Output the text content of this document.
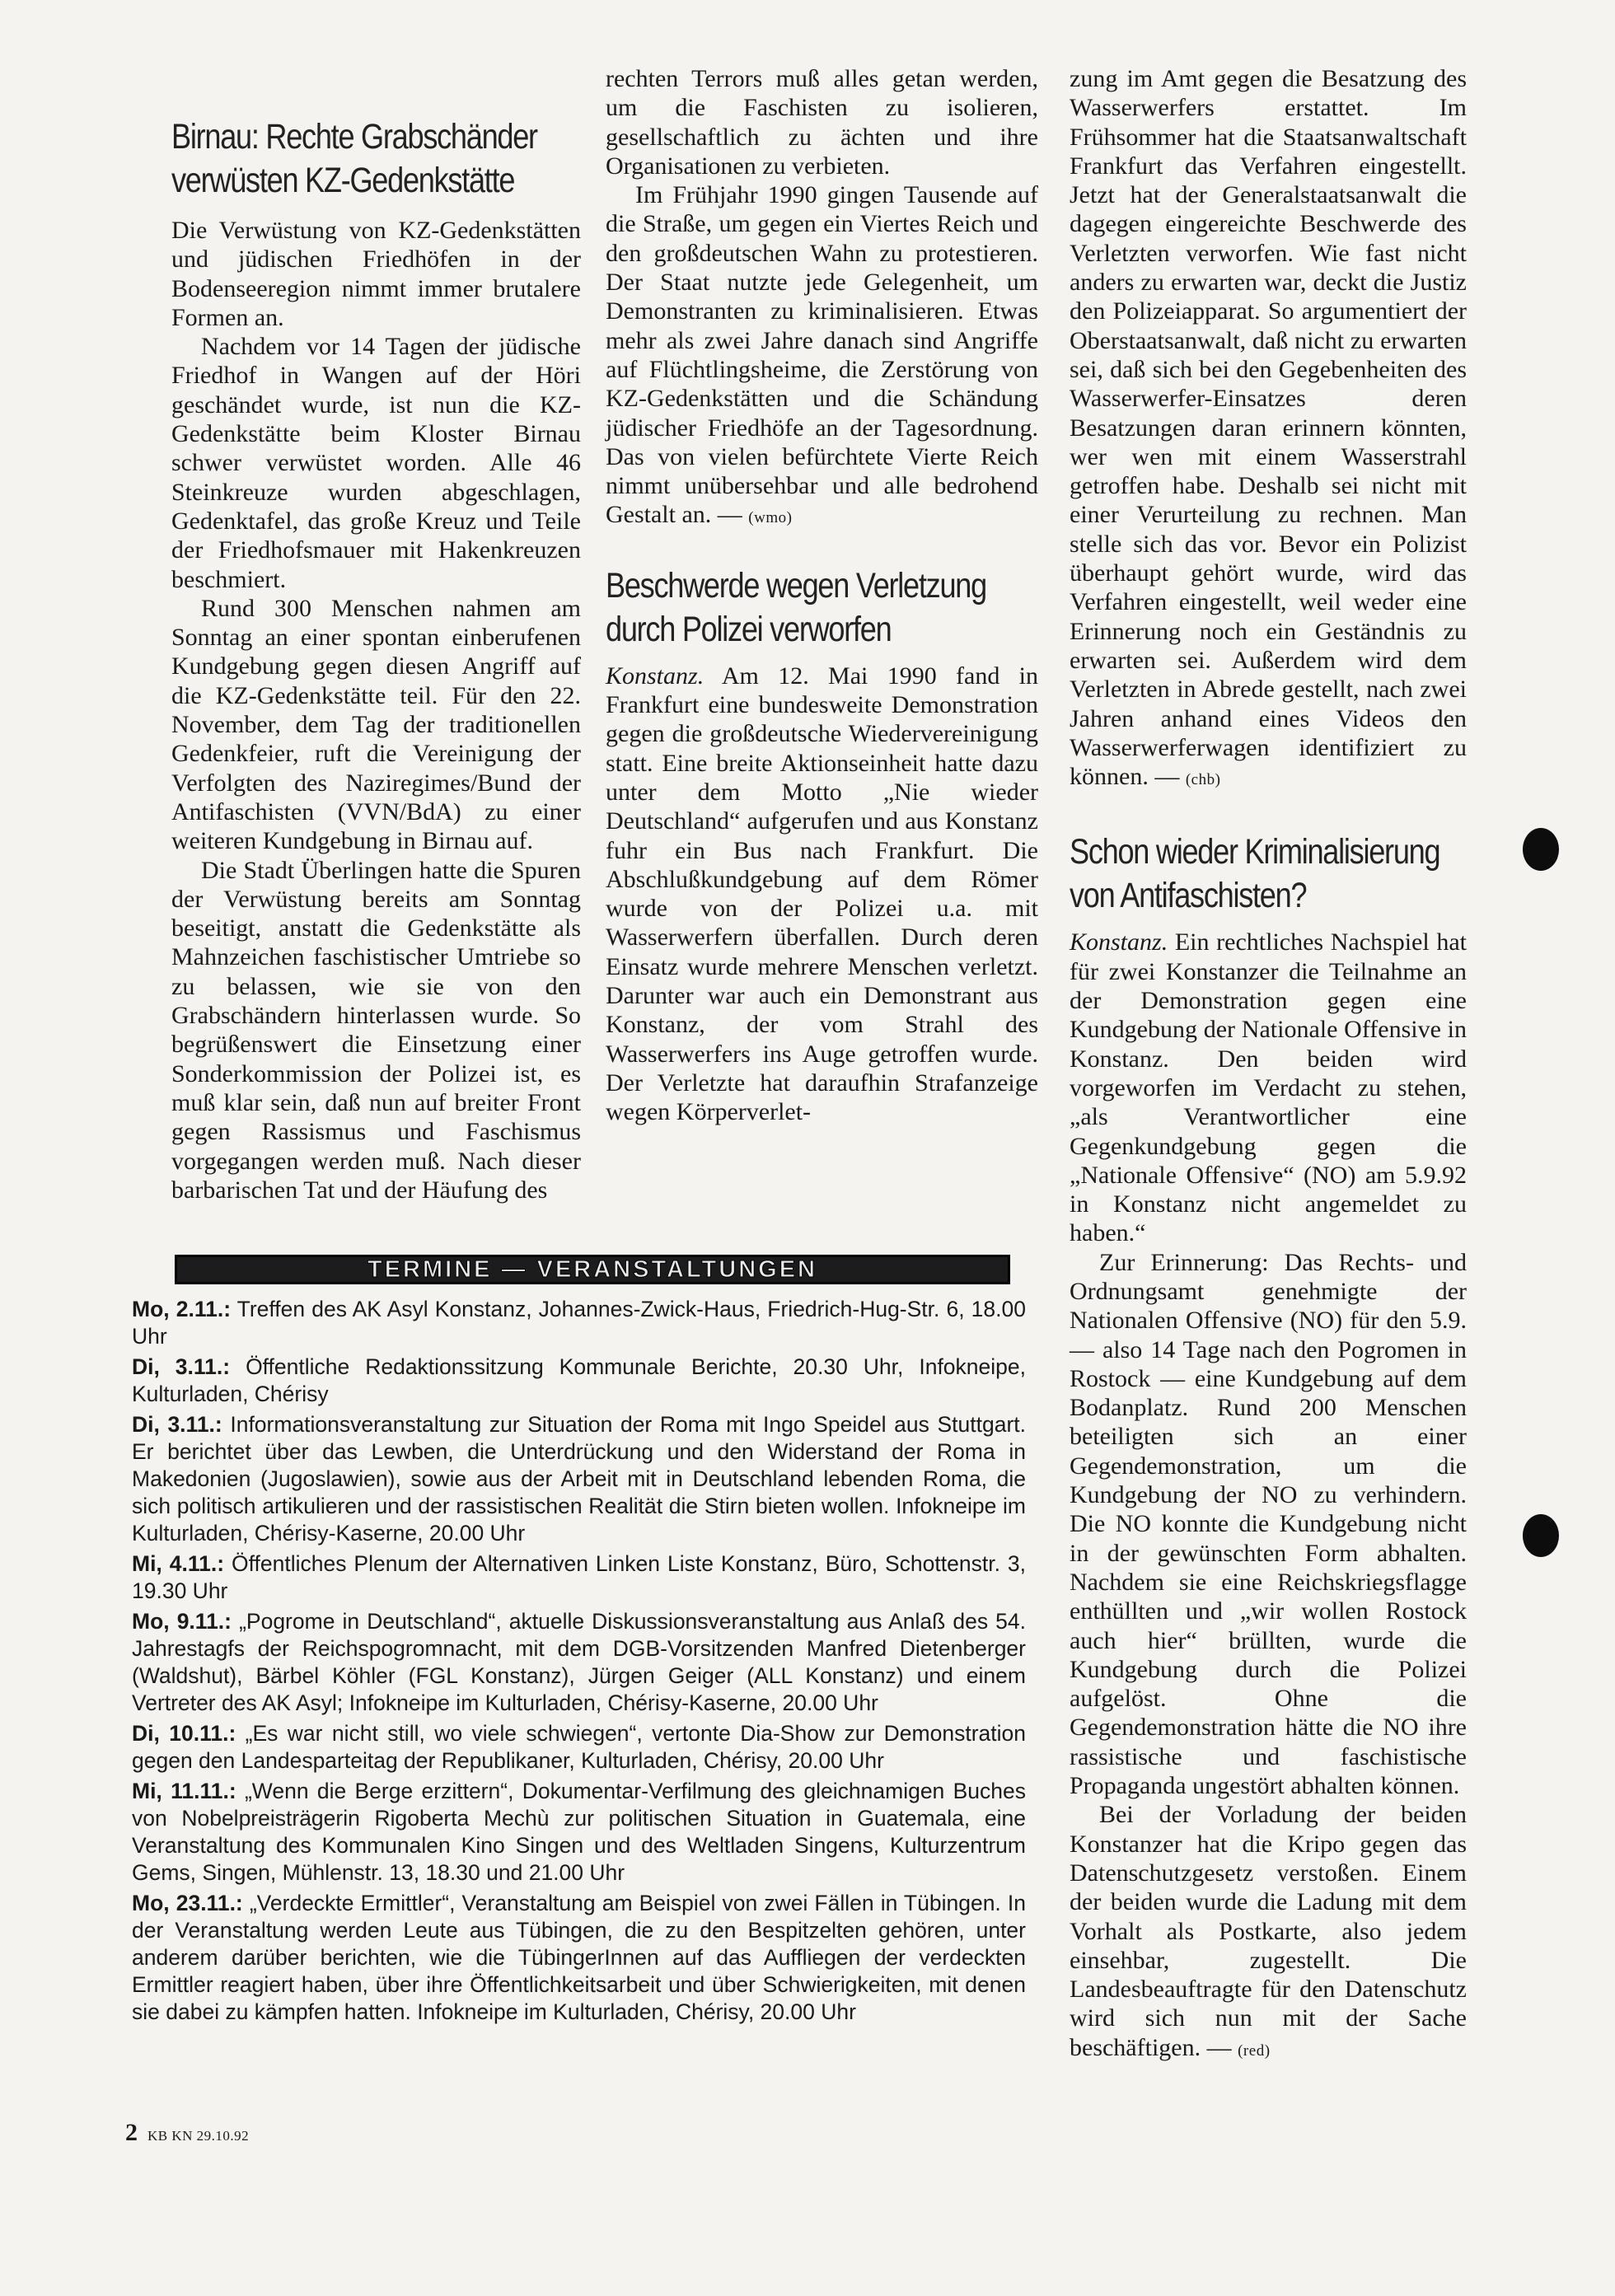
Birnau: Rechte Grabschänder verwüsten KZ-Gedenkstätte

Die Verwüstung von KZ-Gedenkstätten und jüdischen Friedhöfen in der Bodenseeregion nimmt immer brutalere Formen an.

Nachdem vor 14 Tagen der jüdische Friedhof in Wangen auf der Höri geschändet wurde, ist nun die KZ-Gedenkstätte beim Kloster Birnau schwer verwüstet worden. Alle 46 Steinkreuze wurden abgeschlagen, Gedenktafel, das große Kreuz und Teile der Friedhofsmauer mit Hakenkreuzen beschmiert.

Rund 300 Menschen nahmen am Sonntag an einer spontan einberufenen Kundgebung gegen diesen Angriff auf die KZ-Gedenkstätte teil. Für den 22. November, dem Tag der traditionellen Gedenkfeier, ruft die Vereinigung der Verfolgten des Naziregimes/Bund der Antifaschisten (VVN/BdA) zu einer weiteren Kundgebung in Birnau auf.

Die Stadt Überlingen hatte die Spuren der Verwüstung bereits am Sonntag beseitigt, anstatt die Gedenkstätte als Mahnzeichen faschistischer Umtriebe so zu belassen, wie sie von den Grabschändern hinterlassen wurde. So begrüßenswert die Einsetzung einer Sonderkommission der Polizei ist, es muß klar sein, daß nun auf breiter Front gegen Rassismus und Faschismus vorgegangen werden muß. Nach dieser barbarischen Tat und der Häufung des

rechten Terrors muß alles getan werden, um die Faschisten zu isolieren, gesellschaftlich zu ächten und ihre Organisationen zu verbieten.

Im Frühjahr 1990 gingen Tausende auf die Straße, um gegen ein Viertes Reich und den großdeutschen Wahn zu protestieren. Der Staat nutzte jede Gelegenheit, um Demonstranten zu kriminalisieren. Etwas mehr als zwei Jahre danach sind Angriffe auf Flüchtlingsheime, die Zerstörung von KZ-Gedenkstätten und die Schändung jüdischer Friedhöfe an der Tagesordnung. Das von vielen befürchtete Vierte Reich nimmt unübersehbar und alle bedrohend Gestalt an. — (wmo)

Beschwerde wegen Verletzung durch Polizei verworfen

Konstanz. Am 12. Mai 1990 fand in Frankfurt eine bundesweite Demonstration gegen die großdeutsche Wiedervereinigung statt. Eine breite Aktionseinheit hatte dazu unter dem Motto „Nie wieder Deutschland“ aufgerufen und aus Konstanz fuhr ein Bus nach Frankfurt. Die Abschlußkundgebung auf dem Römer wurde von der Polizei u.a. mit Wasserwerfern überfallen. Durch deren Einsatz wurde mehrere Menschen verletzt. Darunter war auch ein Demonstrant aus Konstanz, der vom Strahl des Wasserwerfers ins Auge getroffen wurde. Der Verletzte hat daraufhin Strafanzeige wegen Körperverlet-

zung im Amt gegen die Besatzung des Wasserwerfers erstattet. Im Frühsommer hat die Staatsanwaltschaft Frankfurt das Verfahren eingestellt. Jetzt hat der Generalstaatsanwalt die dagegen eingereichte Beschwerde des Verletzten verworfen. Wie fast nicht anders zu erwarten war, deckt die Justiz den Polizeiapparat. So argumentiert der Oberstaatsanwalt, daß nicht zu erwarten sei, daß sich bei den Gegebenheiten des Wasserwerfer-Einsatzes deren Besatzungen daran erinnern könnten, wer wen mit einem Wasserstrahl getroffen habe. Deshalb sei nicht mit einer Verurteilung zu rechnen. Man stelle sich das vor. Bevor ein Polizist überhaupt gehört wurde, wird das Verfahren eingestellt, weil weder eine Erinnerung noch ein Geständnis zu erwarten sei. Außerdem wird dem Verletzten in Abrede gestellt, nach zwei Jahren anhand eines Videos den Wasserwerferwagen identifiziert zu können. — (chb)

Schon wieder Kriminalisierung von Antifaschisten?

Konstanz. Ein rechtliches Nachspiel hat für zwei Konstanzer die Teilnahme an der Demonstration gegen eine Kundgebung der Nationale Offensive in Konstanz. Den beiden wird vorgeworfen im Verdacht zu stehen, „als Verantwortlicher eine Gegenkundgebung gegen die „Nationale Offensive“ (NO) am 5.9.92 in Konstanz nicht angemeldet zu haben.“

Zur Erinnerung: Das Rechts- und Ordnungsamt genehmigte der Nationalen Offensive (NO) für den 5.9. — also 14 Tage nach den Pogromen in Rostock — eine Kundgebung auf dem Bodanplatz. Rund 200 Menschen beteiligten sich an einer Gegendemonstration, um die Kundgebung der NO zu verhindern. Die NO konnte die Kundgebung nicht in der gewünschten Form abhalten. Nachdem sie eine Reichskriegsflagge enthüllten und „wir wollen Rostock auch hier“ brüllten, wurde die Kundgebung durch die Polizei aufgelöst. Ohne die Gegendemonstration hätte die NO ihre rassistische und faschistische Propaganda ungestört abhalten können.

Bei der Vorladung der beiden Konstanzer hat die Kripo gegen das Datenschutzgesetz verstoßen. Einem der beiden wurde die Ladung mit dem Vorhalt als Postkarte, also jedem einsehbar, zugestellt. Die Landesbeauftragte für den Datenschutz wird sich nun mit der Sache beschäftigen. — (red)

TERMINE — VERANSTALTUNGEN

Mo, 2.11.: Treffen des AK Asyl Konstanz, Johannes-Zwick-Haus, Friedrich-Hug-Str. 6, 18.00 Uhr

Di, 3.11.: Öffentliche Redaktionssitzung Kommunale Berichte, 20.30 Uhr, Infokneipe, Kulturladen, Chérisy

Di, 3.11.: Informationsveranstaltung zur Situation der Roma mit Ingo Speidel aus Stuttgart. Er berichtet über das Lewben, die Unterdrückung und den Widerstand der Roma in Makedonien (Jugoslawien), sowie aus der Arbeit mit in Deutschland lebenden Roma, die sich politisch artikulieren und der rassistischen Realität die Stirn bieten wollen. Infokneipe im Kulturladen, Chérisy-Kaserne, 20.00 Uhr

Mi, 4.11.: Öffentliches Plenum der Alternativen Linken Liste Konstanz, Büro, Schottenstr. 3, 19.30 Uhr

Mo, 9.11.: „Pogrome in Deutschland“, aktuelle Diskussionsveranstaltung aus Anlaß des 54. Jahrestagfs der Reichspogromnacht, mit dem DGB-Vorsitzenden Manfred Dietenberger (Waldshut), Bärbel Köhler (FGL Konstanz), Jürgen Geiger (ALL Konstanz) und einem Vertreter des AK Asyl; Infokneipe im Kulturladen, Chérisy-Kaserne, 20.00 Uhr

Di, 10.11.: „Es war nicht still, wo viele schwiegen“, vertonte Dia-Show zur Demonstration gegen den Landesparteitag der Republikaner, Kulturladen, Chérisy, 20.00 Uhr

Mi, 11.11.: „Wenn die Berge erzittern“, Dokumentar-Verfilmung des gleichnamigen Buches von Nobelpreisträgerin Rigoberta Mechù zur politischen Situation in Guatemala, eine Veranstaltung des Kommunalen Kino Singen und des Weltladen Singens, Kulturzentrum Gems, Singen, Mühlenstr. 13, 18.30 und 21.00 Uhr

Mo, 23.11.: „Verdeckte Ermittler“, Veranstaltung am Beispiel von zwei Fällen in Tübingen. In der Veranstaltung werden Leute aus Tübingen, die zu den Bespitzelten gehören, unter anderem darüber berichten, wie die TübingerInnen auf das Auffliegen der verdeckten Ermittler reagiert haben, über ihre Öffentlichkeitsarbeit und über Schwierigkeiten, mit denen sie dabei zu kämpfen hatten. Infokneipe im Kulturladen, Chérisy, 20.00 Uhr

2 KB KN 29.10.92
